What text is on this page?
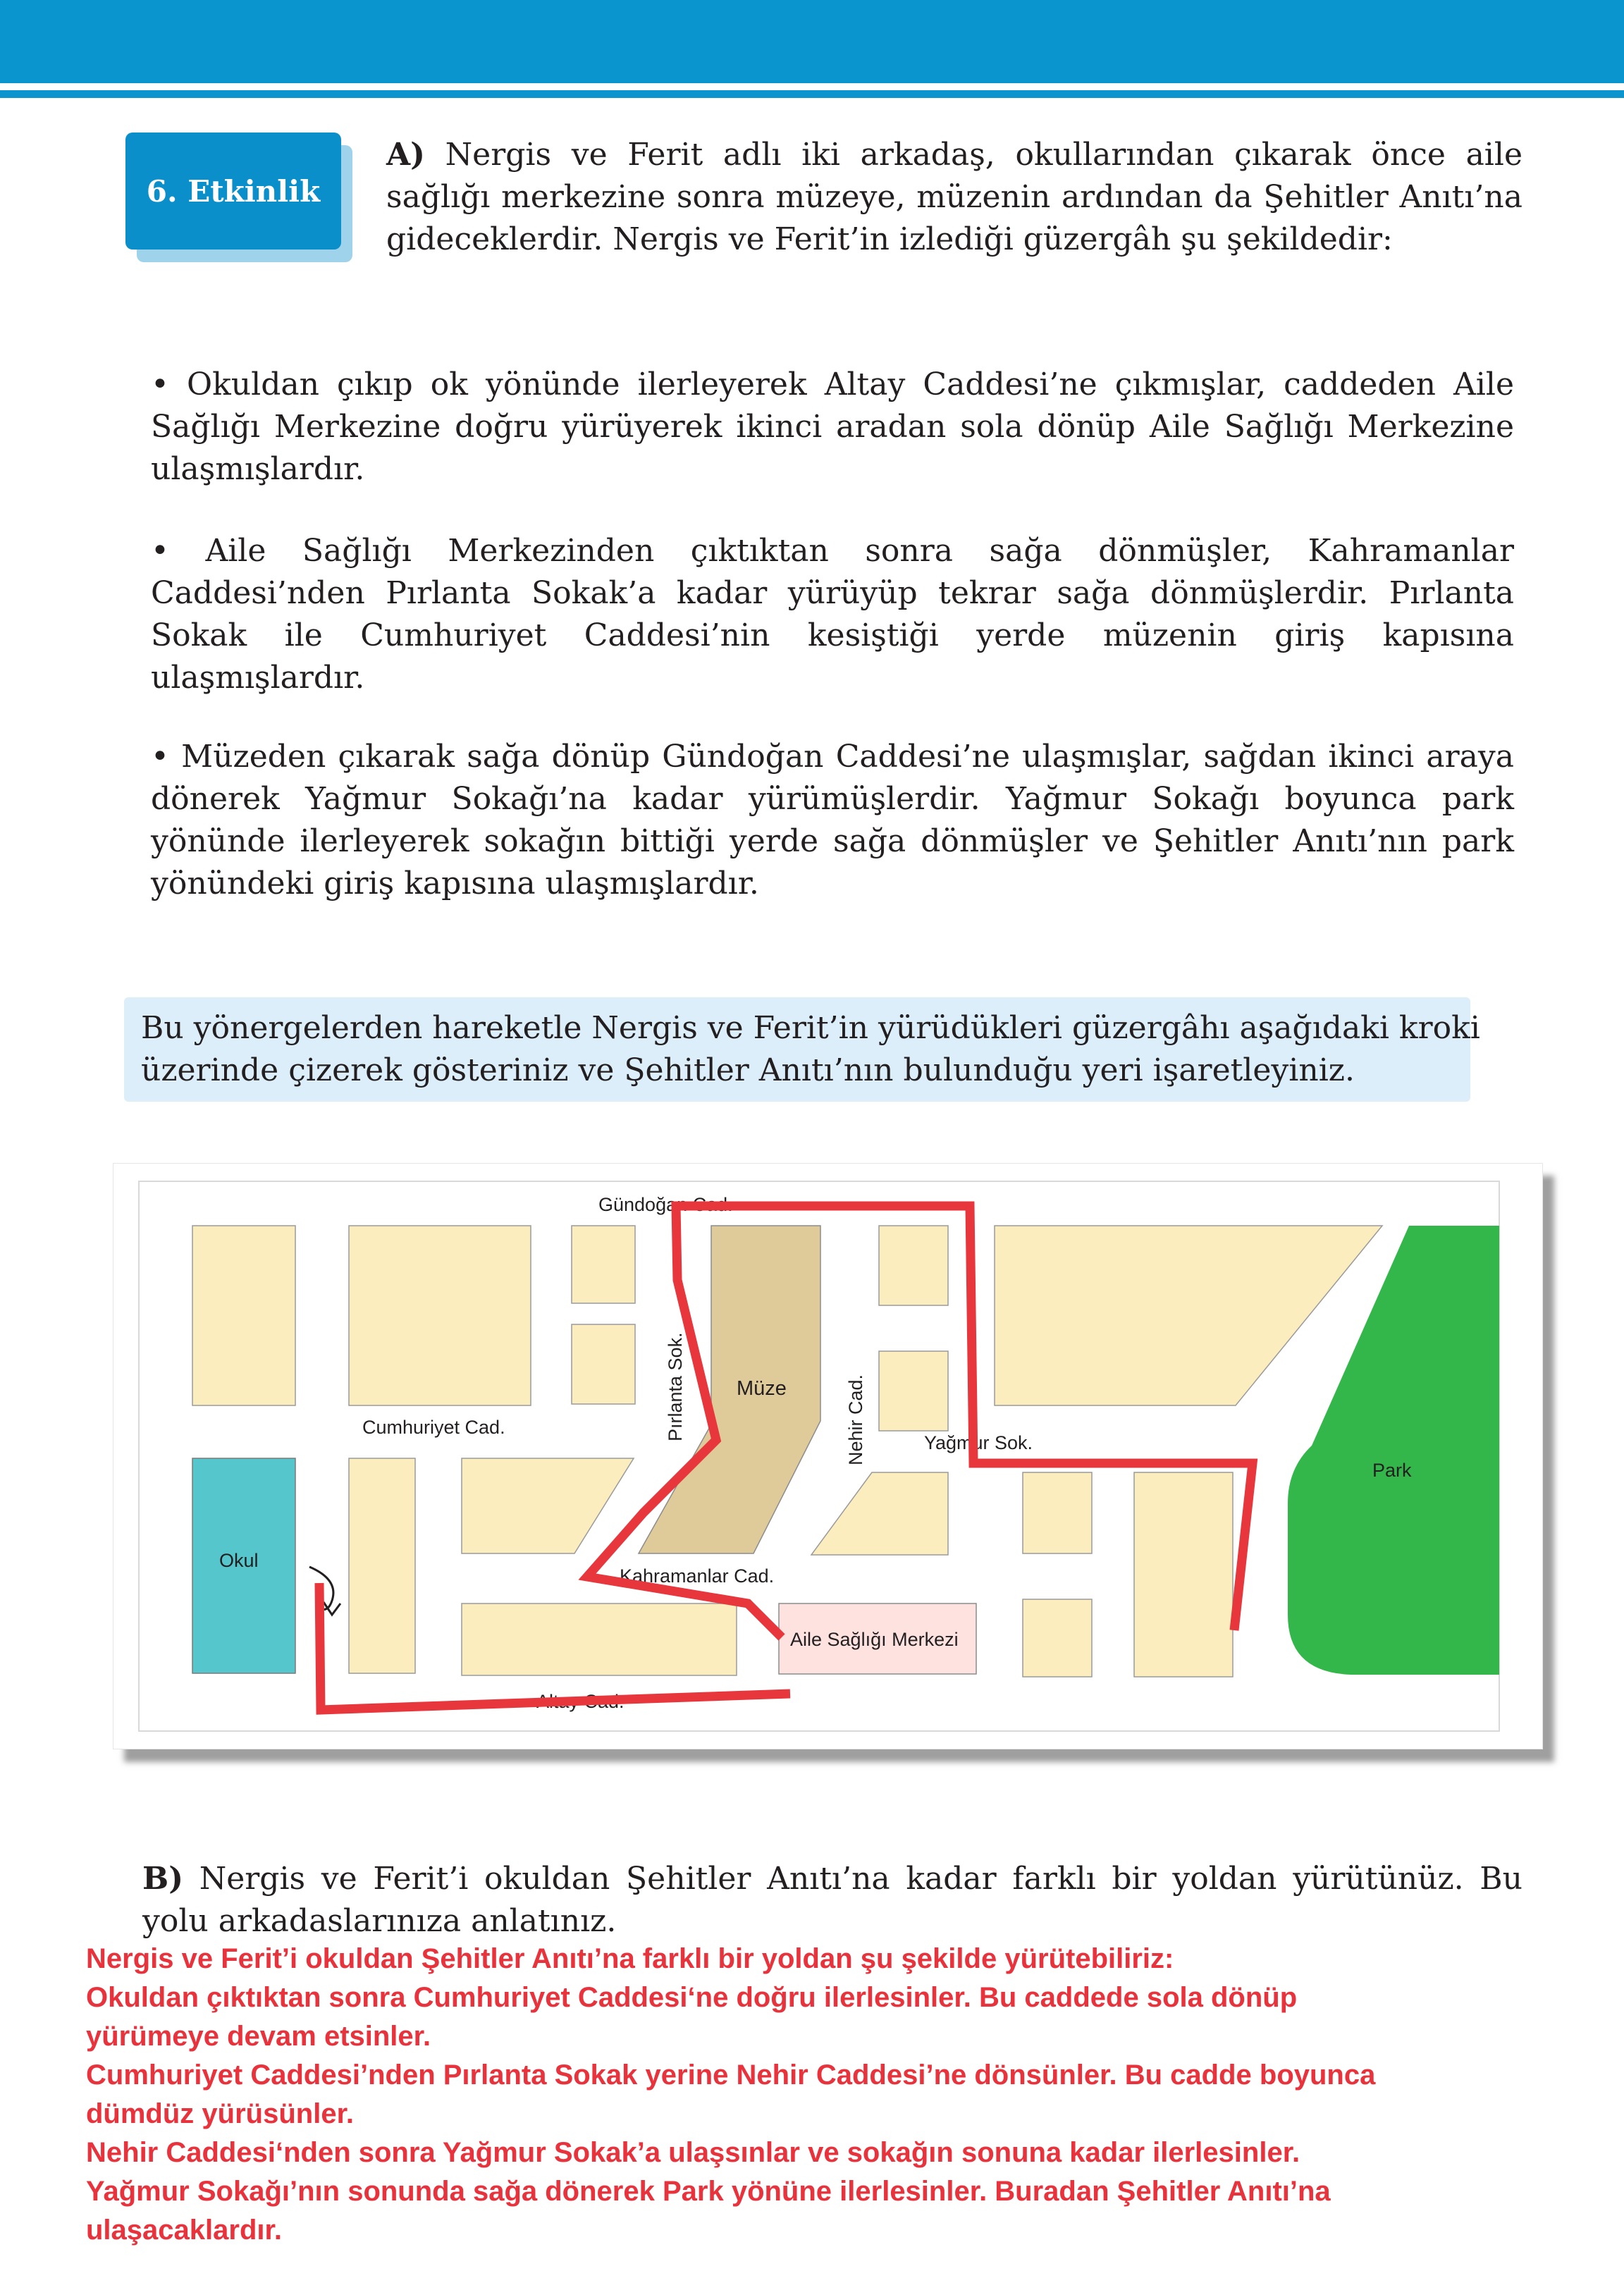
6. Etkinlik
A) Nergis ve Ferit adlı iki arkadaş, okullarından çıkarak önce aile sağlığı merkezine sonra müzeye, müzenin ardından da Şehitler Anıtı’na gideceklerdir. Nergis ve Ferit’in izlediği güzergâh şu şekildedir:
• Okuldan çıkıp ok yönünde ilerleyerek Altay Caddesi’ne çıkmışlar, caddeden Aile Sağlığı Merkezine doğru yürüyerek ikinci aradan sola dönüp Aile Sağlığı Merkezine ulaşmışlardır.
• Aile Sağlığı Merkezinden çıktıktan sonra sağa dönmüşler, Kahramanlar Caddesi’nden Pırlanta Sokak’a kadar yürüyüp tekrar sağa dönmüşlerdir. Pırlanta Sokak ile Cumhuriyet Caddesi’nin kesiştiği yerde müzenin giriş kapısına ulaşmışlardır.
• Müzeden çıkarak sağa dönüp Gündoğan Caddesi’ne ulaşmışlar, sağdan ikinci araya dönerek Yağmur Sokağı’na kadar yürümüşlerdir. Yağmur Sokağı boyunca park yönünde ilerleyerek sokağın bittiği yerde sağa dönmüşler ve Şehitler Anıtı’nın park yönündeki giriş kapısına ulaşmışlardır.
Bu yönergelerden hareketle Nergis ve Ferit’in yürüdükleri güzergâhı aşağıdaki kroki üzerinde çizerek gösteriniz ve Şehitler Anıtı’nın bulunduğu yeri işaretleyiniz.
Gündoğan Cad.
Cumhuriyet Cad.	Pırlanta Sok. Müze	Nehir Cad.	Yağmur Sok.
Park
Okul
Kahramanlar Cad.
Aile Sağlığı Merkezi
Altay Cad.
B) Nergis ve Ferit’i okuldan Şehitler Anıtı’na kadar farklı bir yoldan yürütünüz. Bu yolu arkadaslarınıza anlatınız.
Nergis ve Ferit’i okuldan Şehitler Anıtı’na farklı bir yoldan şu şekilde yürütebiliriz:
Okuldan çıktıktan sonra Cumhuriyet Caddesi‘ne doğru ilerlesinler. Bu caddede sola dönüp
yürümeye devam etsinler.
Cumhuriyet Caddesi’nden Pırlanta Sokak yerine Nehir Caddesi’ne dönsünler. Bu cadde boyunca
dümdüz yürüsünler.
Nehir Caddesi‘nden sonra Yağmur Sokak’a ulaşsınlar ve sokağın sonuna kadar ilerlesinler.
Yağmur Sokağı’nın sonunda sağa dönerek Park yönüne ilerlesinler. Buradan Şehitler Anıtı’na
ulaşacaklardır.
